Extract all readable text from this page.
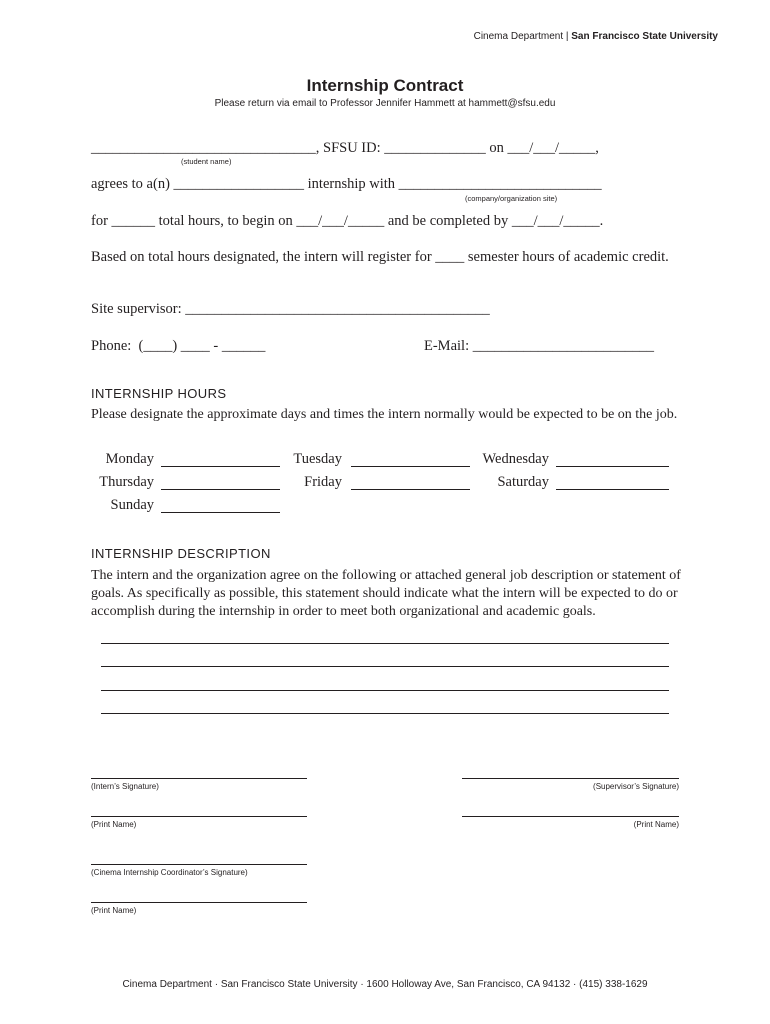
Cinema Department | San Francisco State University
Internship Contract
Please return via email to Professor Jennifer Hammett at hammett@sfsu.edu
_______________________________, SFSU ID: ______________ on ___/___/_____,
(student name)
agrees to a(n) __________________ internship with ____________________________
(company/organization site)
for ______ total hours, to begin on ___/___/_____ and be completed by ___/___/_____.
Based on total hours designated, the intern will register for ____ semester hours of academic credit.
Site supervisor: __________________________________________
Phone:  (____) ____ - ______	E-Mail: _________________________
INTERNSHIP HOURS
Please designate the approximate days and times the intern normally would be expected to be on the job.
Monday	Tuesday	Wednesday
Thursday	Friday	Saturday
Sunday
INTERNSHIP DESCRIPTION
The intern and the organization agree on the following or attached general job description or statement of goals. As specifically as possible, this statement should indicate what the intern will be expected to do or accomplish during the internship in order to meet both organizational and academic goals.
(Intern’s Signature)	(Supervisor’s Signature)
(Print Name)	(Print Name)
(Cinema Internship Coordinator’s Signature)
(Print Name)
Cinema Department · San Francisco State University · 1600 Holloway Ave, San Francisco, CA 94132 · (415) 338-1629
